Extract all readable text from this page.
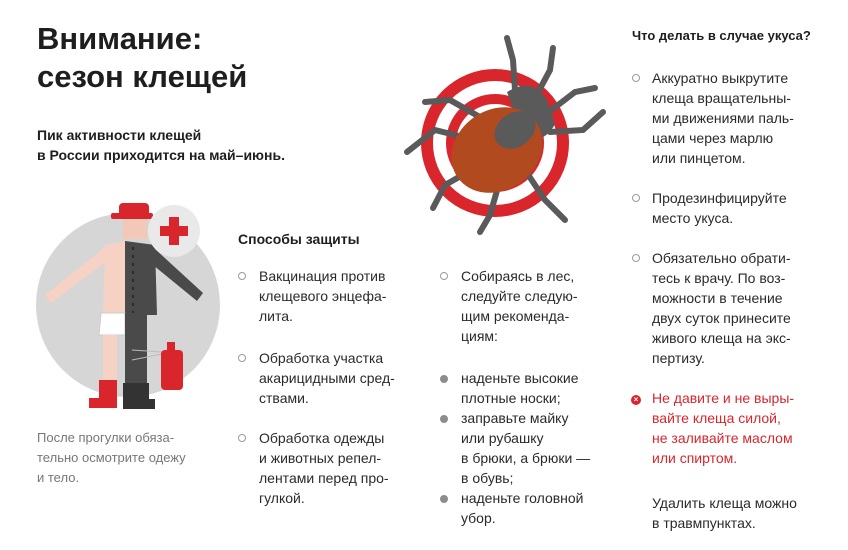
Внимание:
сезон клещей
Пик активности клещей
в России приходится на май–июнь.
После прогулки обяза-
тельно осмотрите одежу
и тело.
Способы защиты
Вакцинация против
клещевого энцефа-
лита.
Обработка участка
акарицидными сред-
ствами.
Обработка одежды
и животных репел-
лентами перед про-
гулкой.
Собираясь в лес,
следуйте следую-
щим рекоменда-
циям:
наденьте высокие
плотные носки;
заправьте майку
или рубашку
в брюки, а брюки —
в обувь;
наденьте головной
убор.
Что делать в случае укуса?
Аккуратно выкрутите
клеща вращательны-
ми движениями паль-
цами через марлю
или пинцетом.
Продезинфицируйте
место укуса.
Обязательно обрати-
тесь к врачу. По воз-
можности в течение
двух суток принесите
живого клеща на экс-
пертизу.
× Не давите и не выры-
вайте клеща силой,
не заливайте маслом
или спиртом.
Удалить клеща можно
в травмпунктах.
